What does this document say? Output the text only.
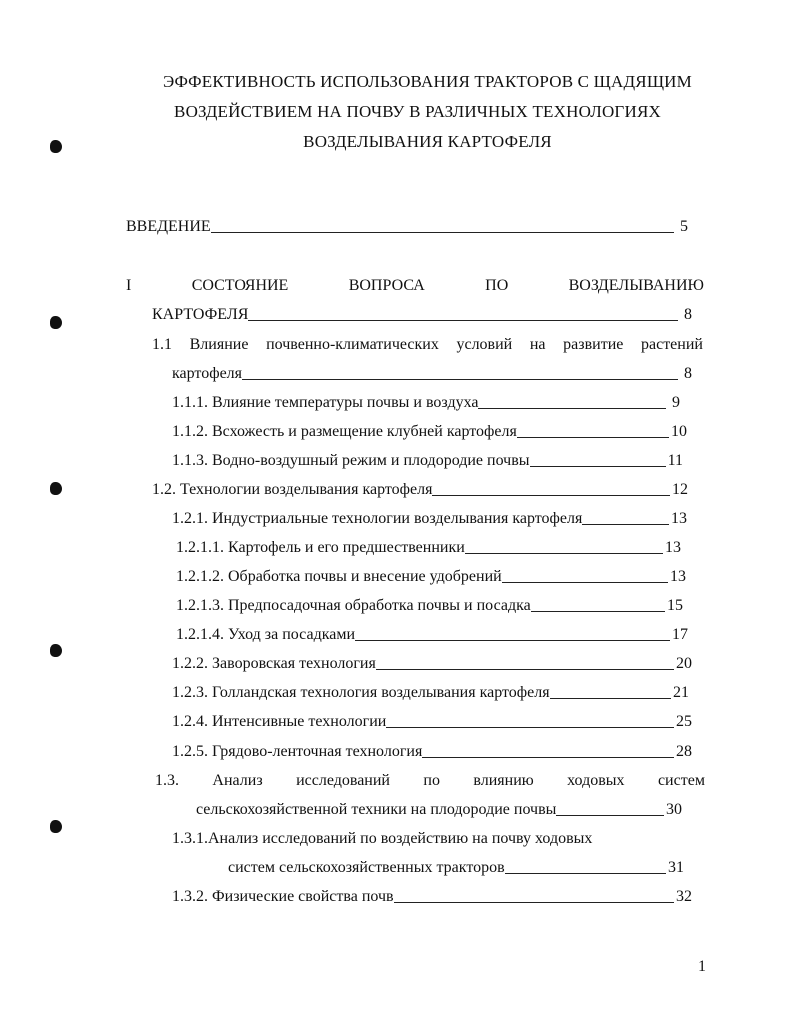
ЭФФЕКТИВНОСТЬ ИСПОЛЬЗОВАНИЯ ТРАКТОРОВ С ЩАДЯЩИМ
ВОЗДЕЙСТВИЕМ НА ПОЧВУ В РАЗЛИЧНЫХ ТЕХНОЛОГИЯХ
ВОЗДЕЛЫВАНИЯ КАРТОФЕЛЯ
ВВЕДЕНИЕ	5
I	СОСТОЯНИЕ	ВОПРОСА	ПО	ВОЗДЕЛЫВАНИЮ
КАРТОФЕЛЯ	8
1.1 Влияние почвенно-климатических условий на развитие растений
картофеля	8
1.1.1. Влияние температуры почвы и воздуха	9
1.1.2. Всхожесть и размещение клубней картофеля	10
1.1.3. Водно-воздушный режим и плодородие почвы	11
1.2. Технологии возделывания картофеля	12
1.2.1. Индустриальные технологии возделывания картофеля	13
1.2.1.1. Картофель и его предшественники	13
1.2.1.2. Обработка почвы и внесение удобрений	13
1.2.1.3. Предпосадочная обработка почвы и посадка	15
1.2.1.4. Уход за посадками	17
1.2.2. Заворовская технология	20
1.2.3. Голландская технология возделывания картофеля	21
1.2.4. Интенсивные технологии	25
1.2.5. Грядово-ленточная технология	28
1.3. Анализ исследований по влиянию ходовых систем
сельскохозяйственной техники на плодородие почвы	30
1.3.1.Анализ исследований по воздействию на почву ходовых
систем сельскохозяйственных тракторов	31
1.3.2. Физические свойства почв	32
1
